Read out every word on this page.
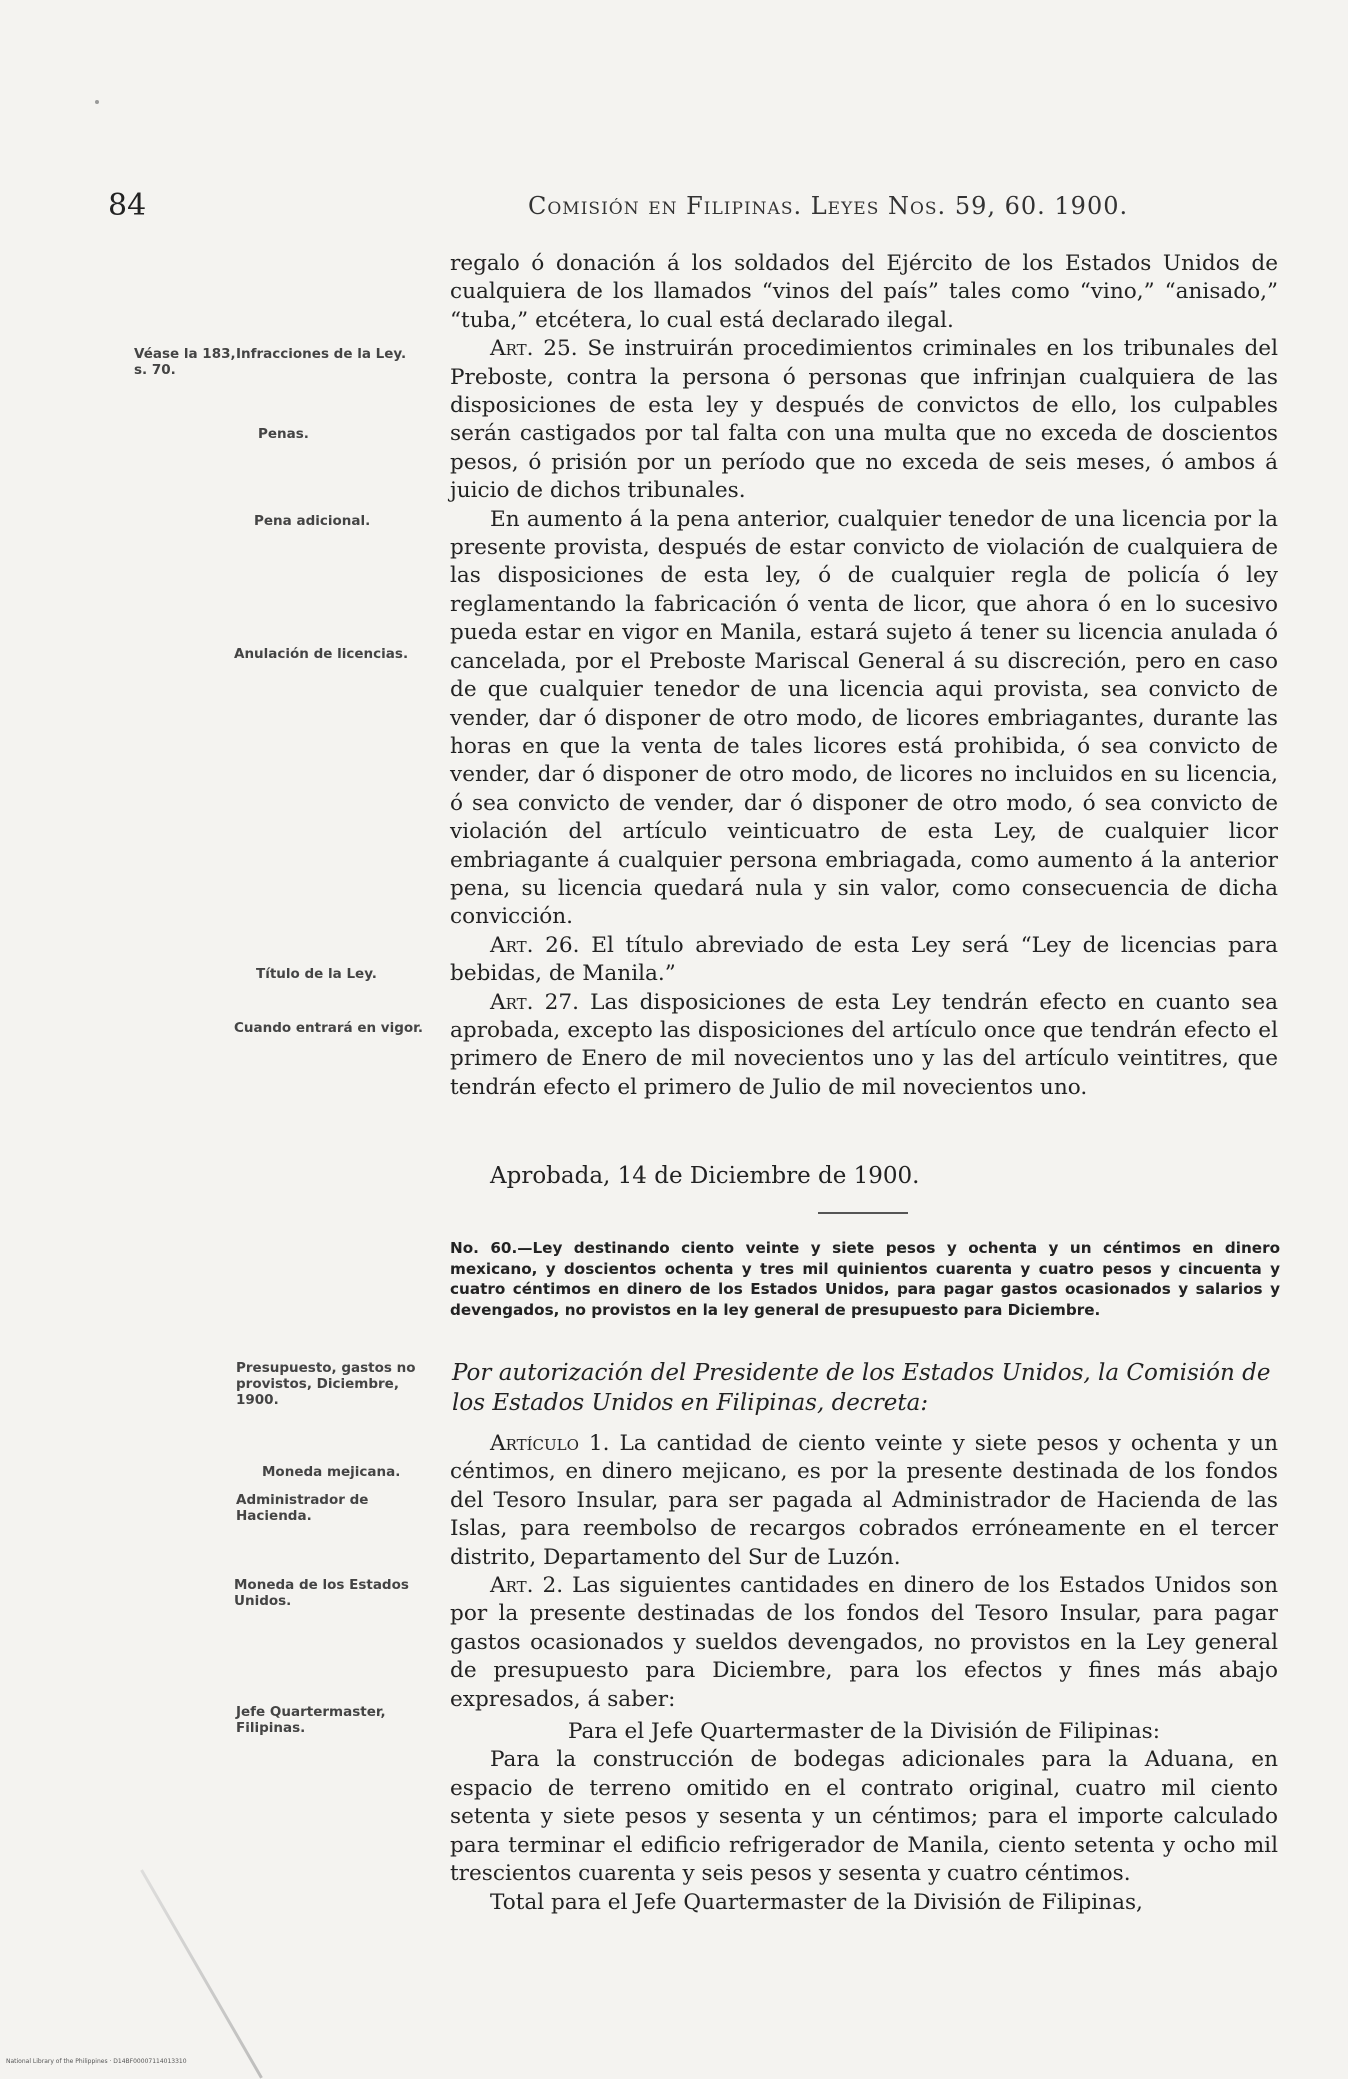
84	Comisión en Filipinas. Leyes Nos. 59, 60. 1900.
Véase la 183, s. 70.
Infracciones de la Ley.
Penas.
Pena adicional.
Anulación de licencias.
Título de la Ley.
Cuando entrará en vigor.
Presupuesto, gastos no provistos, Diciembre, 1900.
Moneda mejicana.
Administrador de Hacienda.
Moneda de los Estados Unidos.
Jefe Quartermaster, Filipinas.

regalo ó donación á los soldados del Ejército de los Estados Unidos de cualquiera de los llamados “vinos del país” tales como “vino,” “anisado,” “tuba,” etcétera, lo cual está declarado ilegal.

Art. 25. Se instruirán procedimientos criminales en los tribunales del Preboste, contra la persona ó personas que infrinjan cualquiera de las disposiciones de esta ley y después de convictos de ello, los culpables serán castigados por tal falta con una multa que no exceda de doscientos pesos, ó prisión por un período que no exceda de seis meses, ó ambos á juicio de dichos tribunales.

En aumento á la pena anterior, cualquier tenedor de una licencia por la presente provista, después de estar convicto de violación de cualquiera de las disposiciones de esta ley, ó de cualquier regla de policía ó ley reglamentando la fabricación ó venta de licor, que ahora ó en lo sucesivo pueda estar en vigor en Manila, estará sujeto á tener su licencia anulada ó cancelada, por el Preboste Mariscal General á su discreción, pero en caso de que cualquier tenedor de una licencia aqui provista, sea convicto de vender, dar ó disponer de otro modo, de licores embriagantes, durante las horas en que la venta de tales licores está prohibida, ó sea convicto de vender, dar ó disponer de otro modo, de licores no incluidos en su licencia, ó sea convicto de vender, dar ó disponer de otro modo, ó sea convicto de violación del artículo veinticuatro de esta Ley, de cualquier licor embriagante á cualquier persona embriagada, como aumento á la anterior pena, su licencia quedará nula y sin valor, como consecuencia de dicha convicción.

Art. 26. El título abreviado de esta Ley será “Ley de licencias para bebidas, de Manila.”

Art. 27. Las disposiciones de esta Ley tendrán efecto en cuanto sea aprobada, excepto las disposiciones del artículo once que tendrán efecto el primero de Enero de mil novecientos uno y las del artículo veintitres, que tendrán efecto el primero de Julio de mil novecientos uno.

Aprobada, 14 de Diciembre de 1900.

No. 60.—Ley destinando ciento veinte y siete pesos y ochenta y un céntimos en dinero mexicano, y doscientos ochenta y tres mil quinientos cuarenta y cuatro pesos y cincuenta y cuatro céntimos en dinero de los Estados Unidos, para pagar gastos ocasionados y salarios y devengados, no provistos en la ley general de presupuesto para Diciembre.
Por autorización del Presidente de los Estados Unidos, la Comisión de los Estados Unidos en Filipinas, decreta:

Artículo 1. La cantidad de ciento veinte y siete pesos y ochenta y un céntimos, en dinero mejicano, es por la presente destinada de los fondos del Tesoro Insular, para ser pagada al Administrador de Hacienda de las Islas, para reembolso de recargos cobrados erróneamente en el tercer distrito, Departamento del Sur de Luzón.

Art. 2. Las siguientes cantidades en dinero de los Estados Unidos son por la presente destinadas de los fondos del Tesoro Insular, para pagar gastos ocasionados y sueldos devengados, no provistos en la Ley general de presupuesto para Diciembre, para los efectos y fines más abajo expresados, á saber:

Para el Jefe Quartermaster de la División de Filipinas:

Para la construcción de bodegas adicionales para la Aduana, en espacio de terreno omitido en el contrato original, cuatro mil ciento setenta y siete pesos y sesenta y un céntimos; para el importe calculado para terminar el edificio refrigerador de Manila, ciento setenta y ocho mil trescientos cuarenta y seis pesos y sesenta y cuatro céntimos.

Total para el Jefe Quartermaster de la División de Filipinas,

National Library of the Philippines · D14BF00007114013310
